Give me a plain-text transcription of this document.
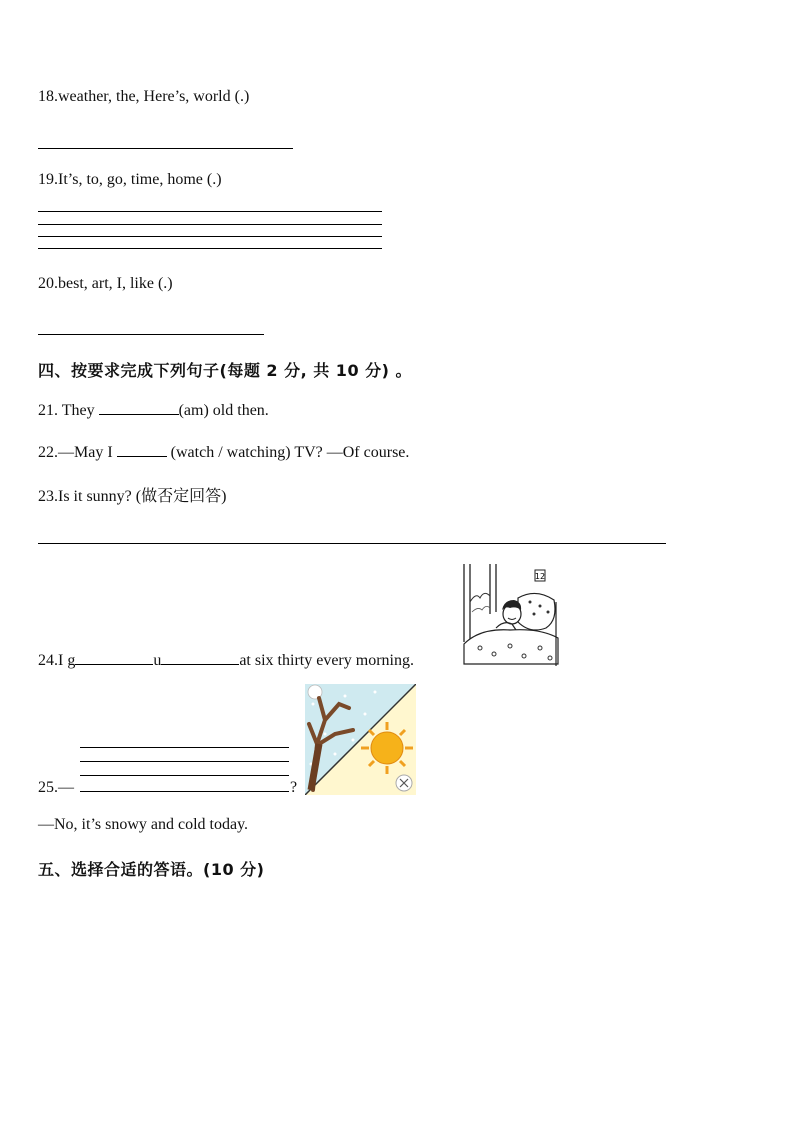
18.weather, the, Here’s, world (.)
19.It’s, to, go, time, home (.)
20.best, art, I, like (.)
四、按要求完成下列句子(每题 2 分, 共 10 分) 。
21. They	(am) old then.
22.—May I	(watch / watching) TV? —Of course.
23.Is it sunny? (做否定回答)
24.I g	u	at six thirty every morning.
12
25.—	?
—No, it’s snowy and cold today.
五、选择合适的答语。(10 分)
